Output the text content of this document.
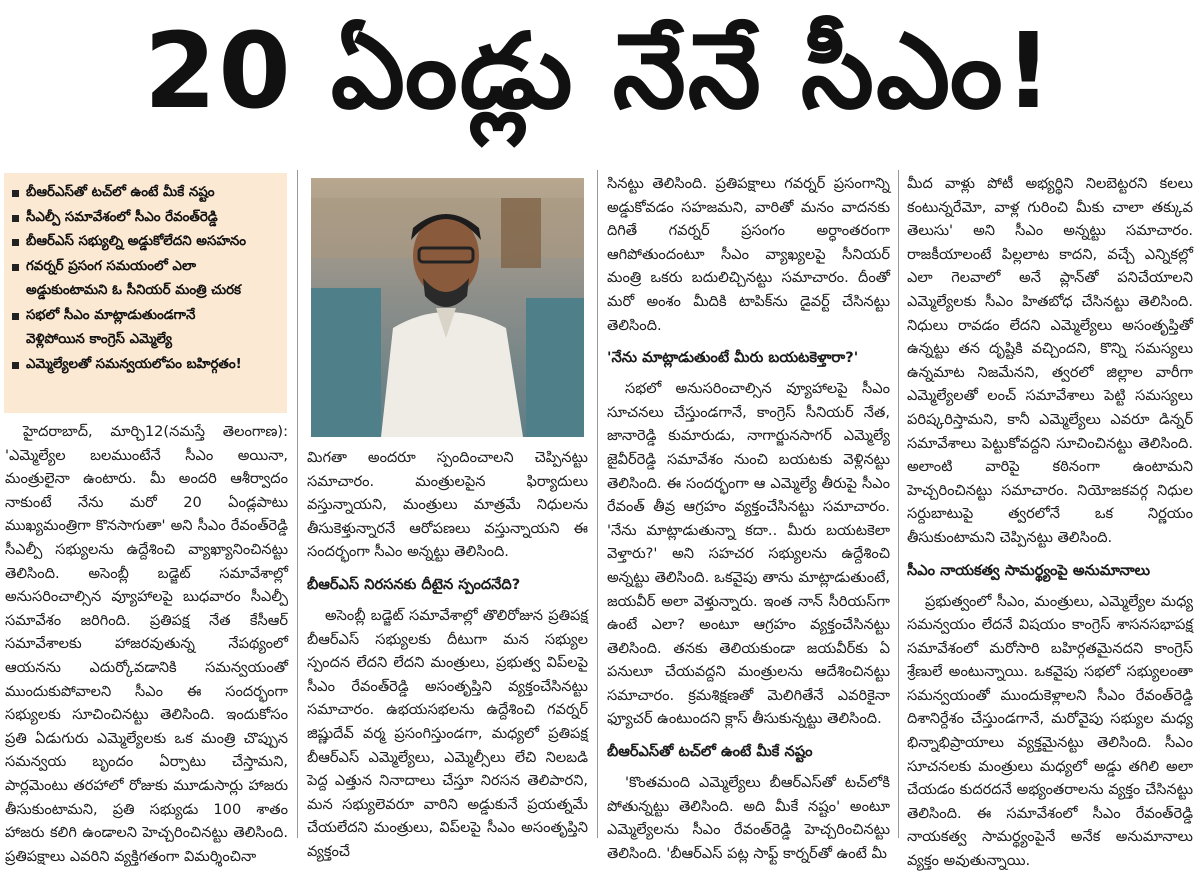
20 ఏండ్లు నేనే సీఎం!
బీఆర్ఎస్‌తో టచ్‌లో ఉంటే మీకే నష్టం
సీఎల్పీ సమావేశంలో సీఎం రేవంత్‌రెడ్డి
బీఆర్ఎస్ సభ్యుల్ని అడ్డుకోలేదని అసహనం
గవర్నర్ ప్రసంగ సమయంలో ఎలా
అడ్డుకుంటామని ఓ సీనియర్ మంత్రి చురక
సభలో సీఎం మాట్లాడుతుండగానే
వెళ్లిపోయిన కాంగ్రెస్ ఎమ్మెల్యే
ఎమ్మెల్యేలతో సమన్వయలోపం బహిర్గతం!

హైదరాబాద్, మార్చి12(నమస్తే తెలంగాణ): 'ఎమ్మెల్యేల బలముంటేనే సీఎం అయినా, మంత్రులైనా ఉంటారు. మీ అందరి ఆశీర్వాదం నాకుంటే నేను మరో 20 ఏండ్లపాటు ముఖ్యమంత్రిగా కొనసాగుతా' అని సీఎం రేవంత్‌రెడ్డి సీఎల్పీ సభ్యులను ఉద్దేశించి వ్యాఖ్యానించినట్టు తెలిసింది. అసెంబ్లీ బడ్జెట్ సమావేశాల్లో అనుసరించాల్సిన వ్యూహాలపై బుధవారం సీఎల్పీ సమావేశం జరిగింది. ప్రతిపక్ష నేత కేసీఆర్ సమావేశాలకు హాజరవుతున్న నేపథ్యంలో ఆయనను ఎదుర్కోవడానికి సమన్వయంతో ముందుకుపోవాలని సీఎం ఈ సందర్భంగా సభ్యులకు సూచించినట్టు తెలిసింది. ఇందుకోసం ప్రతి ఏడుగురు ఎమ్మెల్యేలకు ఒక మంత్రి చొప్పున సమన్వయ బృందం ఏర్పాటు చేస్తామని, పార్లమెంటు తరహాలో రోజుకు మూడుసార్లు హాజరు తీసుకుంటామని, ప్రతి సభ్యుడు 100 శాతం హాజరు కలిగి ఉండాలని హెచ్చరించినట్టు తెలిసింది. ప్రతిపక్షాలు ఎవరిని వ్యక్తిగతంగా విమర్శించినా

మిగతా అందరూ స్పందించాలని చెప్పినట్టు సమాచారం. మంత్రులపైన ఫిర్యాదులు వస్తున్నాయని, మంత్రులు మాత్రమే నిధులను తీసుకెళ్తున్నారనే ఆరోపణలు వస్తున్నాయని ఈ సందర్భంగా సీఎం అన్నట్టు తెలిసింది.

బీఆర్ఎస్ నిరసనకు దీటైన స్పందనేది?

అసెంబ్లీ బడ్జెట్ సమావేశాల్లో తొలిరోజున ప్రతిపక్ష బీఆర్ఎస్ సభ్యులకు దీటుగా మన సభ్యుల స్పందన లేదని లేదని మంత్రులు, ప్రభుత్వ విప్‌లపై సీఎం రేవంత్‌రెడ్డి అసంతృప్తిని వ్యక్తంచేసినట్టు సమాచారం. ఉభయసభలను ఉద్దేశించి గవర్నర్ జిష్ణుదేవ్ వర్మ ప్రసంగిస్తుండగా, మధ్యలో ప్రతిపక్ష బీఆర్ఎస్ ఎమ్మెల్యేలు, ఎమ్మెల్సీలు లేచి నిలబడి పెద్ద ఎత్తున నినాదాలు చేస్తూ నిరసన తెలిపారని, మన సభ్యులెవరూ వారిని అడ్డుకునే ప్రయత్నమే చేయలేదని మంత్రులు, విప్‌లపై సీఎం అసంతృప్తిని వ్యక్తంచే

సినట్టు తెలిసింది. ప్రతిపక్షాలు గవర్నర్ ప్రసంగాన్ని అడ్డుకోవడం సహజమని, వారితో మనం వాదనకు దిగితే గవర్నర్ ప్రసంగం అర్ధాంతరంగా ఆగిపోతుందంటూ సీఎం వ్యాఖ్యలపై సీనియర్ మంత్రి ఒకరు బదులిచ్చినట్టు సమాచారం. దీంతో మరో అంశం మీదికి టాపిక్‌ను డైవర్ట్ చేసినట్టు తెలిసింది.

'నేను మాట్లాడుతుంటే మీరు బయటకెళ్తారా?'

సభలో అనుసరించాల్సిన వ్యూహాలపై సీఎం సూచనలు చేస్తుండగానే, కాంగ్రెస్ సీనియర్ నేత, జానారెడ్డి కుమారుడు, నాగార్జునసాగర్ ఎమ్మెల్యే జైవీర్‌రెడ్డి సమావేశం నుంచి బయటకు వెళ్లినట్టు తెలిసింది. ఈ సందర్భంగా ఆ ఎమ్మెల్యే తీరుపై సీఎం రేవంత్ తీవ్ర ఆగ్రహం వ్యక్తంచేసినట్టు సమాచారం. 'నేను మాట్లాడుతున్నా కదా.. మీరు బయటకెలా వెళ్తారు?' అని సహచర సభ్యులను ఉద్దేశించి అన్నట్టు తెలిసింది. ఒకవైపు తాను మాట్లాడుతుంటే, జయవీర్ అలా వెళ్తున్నారు. ఇంత నాన్ సీరియస్‌గా ఉంటే ఎలా? అంటూ ఆగ్రహం వ్యక్తంచేసినట్టు తెలిసింది. తనకు తెలియకుండా జయవీర్‌కు ఏ పనులూ చేయవద్దని మంత్రులను ఆదేశించినట్టు సమాచారం. క్రమశిక్షణతో మెలిగితేనే ఎవరికైనా ఫ్యూచర్ ఉంటుందని క్లాస్ తీసుకున్నట్టు తెలిసింది.

బీఆర్ఎస్‌తో టచ్‌లో ఉంటే మీకే నష్టం

'కొంతమంది ఎమ్మెల్యేలు బీఆర్ఎస్‌తో టచ్‌లోకి పోతున్నట్టు తెలిసింది. అది మీకే నష్టం' అంటూ ఎమ్మెల్యేలను సీఎం రేవంత్‌రెడ్డి హెచ్చరించినట్టు తెలిసింది. 'బీఆర్ఎస్ పట్ల సాఫ్ట్ కార్నర్‌తో ఉంటే మీ

మీద వాళ్లు పోటీ అభ్యర్థిని నిలబెట్టరని కలలు కంటున్నరేమో, వాళ్ల గురించి మీకు చాలా తక్కువ తెలుసు' అని సీఎం అన్నట్టు సమాచారం. రాజకీయాలంటే పిల్లలాట కాదని, వచ్చే ఎన్నికల్లో ఎలా గెలవాలో అనే ప్లాన్‌తో పనిచేయాలని ఎమ్మెల్యేలకు సీఎం హితబోధ చేసినట్టు తెలిసింది. నిధులు రావడం లేదని ఎమ్మెల్యేలు అసంతృప్తితో ఉన్నట్టు తన దృష్టికి వచ్చిందని, కొన్ని సమస్యలు ఉన్నమాట నిజమేనని, త్వరలో జిల్లాల వారీగా ఎమ్మెల్యేలతో లంచ్ సమావేశాలు పెట్టి సమస్యలు పరిష్కరిస్తామని, కానీ ఎమ్మెల్యేలు ఎవరూ డిన్నర్ సమావేశాలు పెట్టుకోవద్దని సూచించినట్టు తెలిసింది. అలాంటి వారిపై కఠినంగా ఉంటామని హెచ్చరించినట్టు సమాచారం. నియోజకవర్గ నిధుల సర్దుబాటుపై త్వరలోనే ఒక నిర్ణయం తీసుకుంటామని చెప్పినట్టు తెలిసింది.

సీఎం నాయకత్వ సామర్థ్యంపై అనుమానాలు

ప్రభుత్వంలో సీఎం, మంత్రులు, ఎమ్మెల్యేల మధ్య సమన్వయం లేదనే విషయం కాంగ్రెస్ శాసనసభాపక్ష సమావేశంలో మరోసారి బహిర్గతమైనదని కాంగ్రెస్ శ్రేణులే అంటున్నాయి. ఒకవైపు సభలో సభ్యులంతా సమన్వయంతో ముందుకెళ్లాలని సీఎం రేవంత్‌రెడ్డి దిశానిర్దేశం చేస్తుండగానే, మరోవైపు సభ్యుల మధ్య భిన్నాభిప్రాయాలు వ్యక్తమైనట్టు తెలిసింది. సీఎం సూచనలకు మంత్రులు మధ్యలో అడ్డు తగిలి అలా చేయడం కుదరదనే అభ్యంతరాలను వ్యక్తం చేసినట్టు తెలిసింది. ఈ సమావేశంలో సీఎం రేవంత్‌రెడ్డి నాయకత్వ సామర్థ్యంపైనే అనేక అనుమానాలు వ్యక్తం అవుతున్నాయి.
